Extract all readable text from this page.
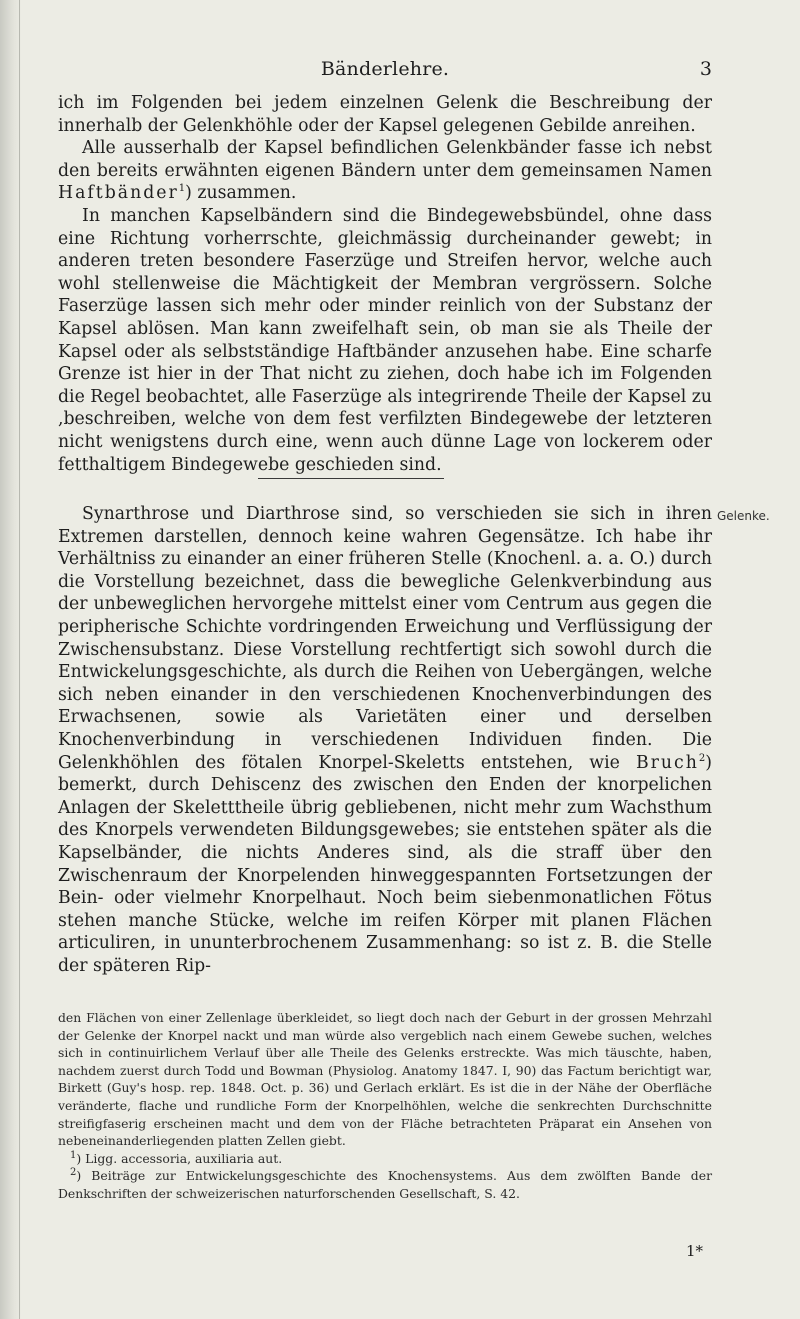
Bänderlehre.	3

ich im Folgenden bei jedem einzelnen Gelenk die Beschreibung der innerhalb der Gelenkhöhle oder der Kapsel gelegenen Gebilde anreihen.

Alle ausserhalb der Kapsel befindlichen Gelenkbänder fasse ich nebst den bereits erwähnten eigenen Bändern unter dem gemeinsamen Namen Haftbänder$^1$) zusammen.

In manchen Kapselbändern sind die Bindegewebsbündel, ohne dass eine Richtung vorherrschte, gleichmässig durcheinander gewebt; in anderen treten besondere Faserzüge und Streifen hervor, welche auch wohl stellenweise die Mächtigkeit der Membran vergrössern. Solche Faserzüge lassen sich mehr oder minder reinlich von der Substanz der Kapsel ablösen. Man kann zweifelhaft sein, ob man sie als Theile der Kapsel oder als selbstständige Haftbänder anzusehen habe. Eine scharfe Grenze ist hier in der That nicht zu ziehen, doch habe ich im Folgenden die Regel beobachtet, alle Faserzüge als integrirende Theile der Kapsel zu ,beschreiben, welche von dem fest verfilzten Bindegewebe der letzteren nicht wenigstens durch eine, wenn auch dünne Lage von lockerem oder fetthaltigem Bindegewebe geschieden sind.

Gelenke.

Synarthrose und Diarthrose sind, so verschieden sie sich in ihren Extremen darstellen, dennoch keine wahren Gegensätze. Ich habe ihr Verhältniss zu einander an einer früheren Stelle (Knochenl. a. a. O.) durch die Vorstellung bezeichnet, dass die bewegliche Gelenkverbindung aus der unbeweglichen hervorgehe mittelst einer vom Centrum aus gegen die peripherische Schichte vordringenden Erweichung und Verflüssigung der Zwischensubstanz. Diese Vorstellung rechtfertigt sich sowohl durch die Entwickelungsgeschichte, als durch die Reihen von Uebergängen, welche sich neben einander in den verschiedenen Knochenverbindungen des Erwachsenen, sowie als Varietäten einer und derselben Knochenverbindung in verschiedenen Individuen finden. Die Gelenkhöhlen des fötalen Knorpel-Skeletts entstehen, wie Bruch$^2$) bemerkt, durch Dehiscenz des zwischen den Enden der knorpelichen Anlagen der Skeletttheile übrig gebliebenen, nicht mehr zum Wachsthum des Knorpels verwendeten Bildungsgewebes; sie entstehen später als die Kapselbänder, die nichts Anderes sind, als die straff über den Zwischenraum der Knorpelenden hinweggespannten Fortsetzungen der Bein- oder vielmehr Knorpelhaut. Noch beim siebenmonatlichen Fötus stehen manche Stücke, welche im reifen Körper mit planen Flächen articuliren, in ununterbrochenem Zusammenhang: so ist z. B. die Stelle der späteren Rip-

den Flächen von einer Zellenlage überkleidet, so liegt doch nach der Geburt in der grossen Mehrzahl der Gelenke der Knorpel nackt und man würde also vergeblich nach einem Gewebe suchen, welches sich in continuirlichem Verlauf über alle Theile des Gelenks erstreckte. Was mich täuschte, haben, nachdem zuerst durch Todd und Bowman (Physiolog. Anatomy 1847. I, 90) das Factum berichtigt war, Birkett (Guy's hosp. rep. 1848. Oct. p. 36) und Gerlach erklärt. Es ist die in der Nähe der Oberfläche veränderte, flache und rundliche Form der Knorpelhöhlen, welche die senkrechten Durchschnitte streifigfaserig erscheinen macht und dem von der Fläche betrachteten Präparat ein Ansehen von nebeneinanderliegenden platten Zellen giebt.

$^1$) Ligg. accessoria, auxiliaria aut.

$^2$) Beiträge zur Entwickelungsgeschichte des Knochensystems. Aus dem zwölften Bande der Denkschriften der schweizerischen naturforschenden Gesellschaft, S. 42.

1*
